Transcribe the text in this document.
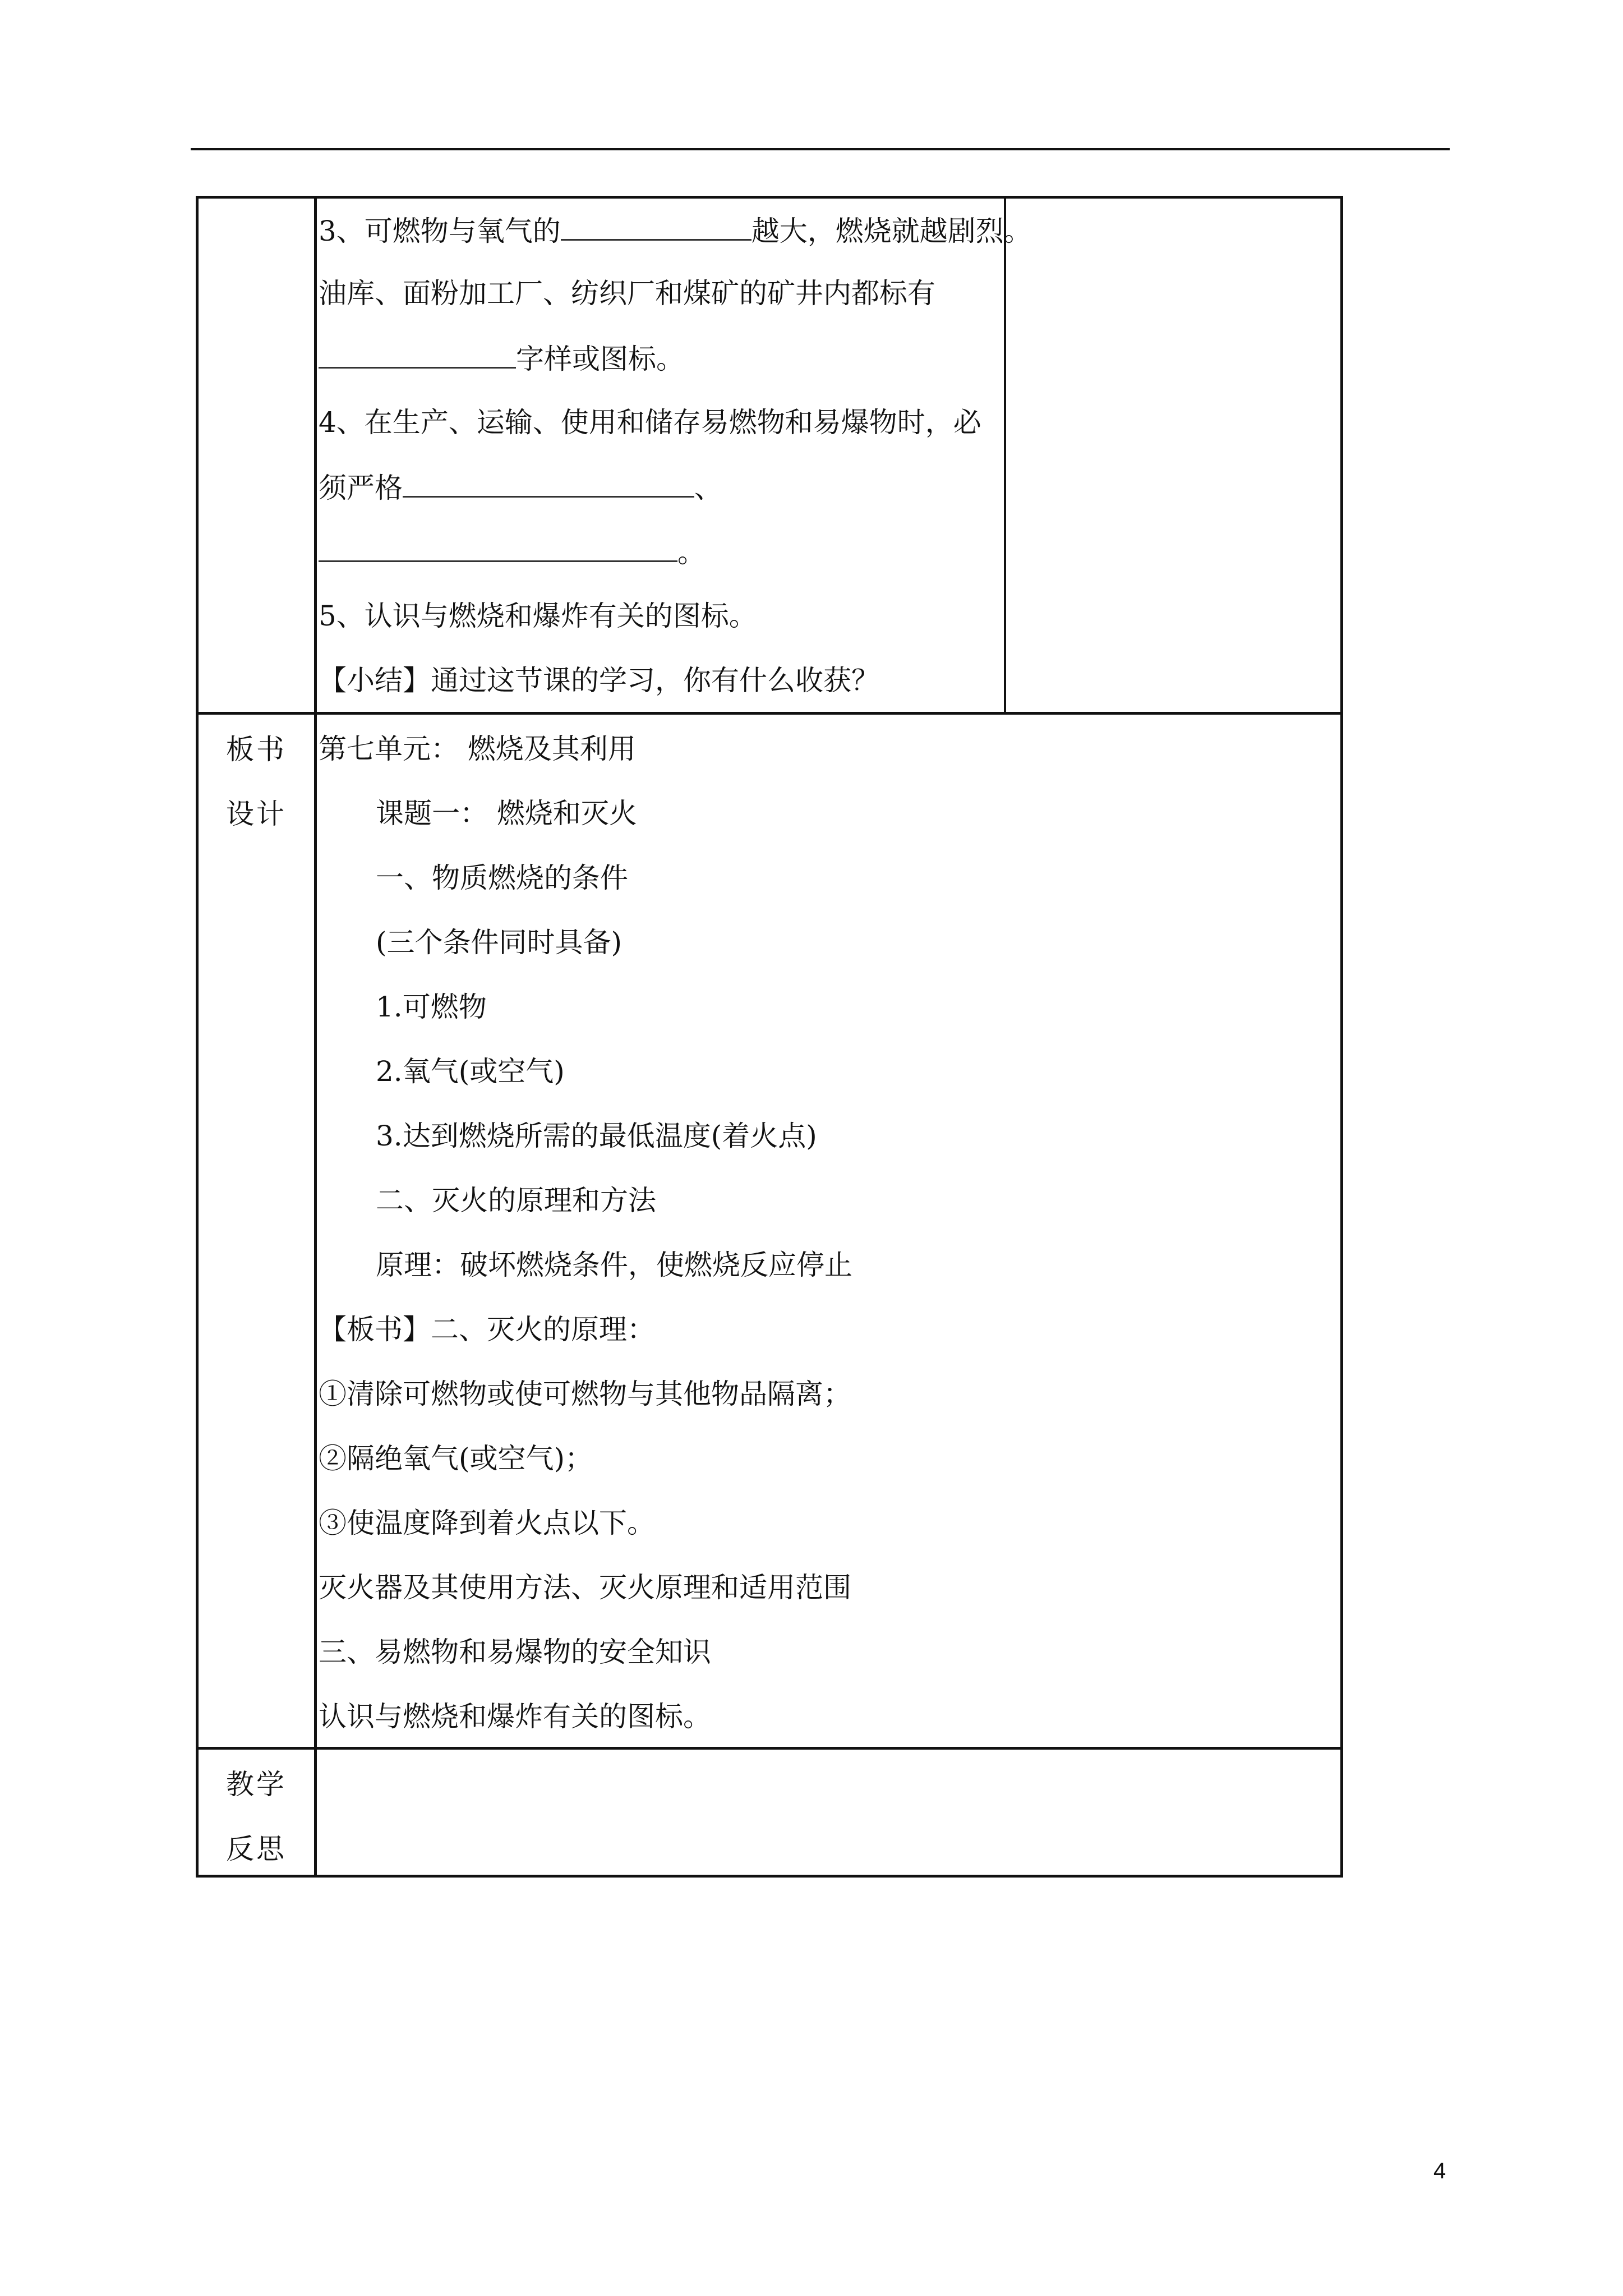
3、可燃物与氧气的	越大，燃烧就越剧烈。
油库、面粉加工厂、纺织厂和煤矿的矿井内都标有
字样或图标。
4、在生产、运输、使用和储存易燃物和易爆物时，必
须严格	、
。
5、认识与燃烧和爆炸有关的图标。
【小结】通过这节课的学习，你有什么收获？
板书
设计
第七单元： 燃烧及其利用
课题一： 燃烧和灭火
一、物质燃烧的条件
(三个条件同时具备)
1.可燃物
2.氧气(或空气)
3.达到燃烧所需的最低温度(着火点)
二、灭火的原理和方法
原理：破坏燃烧条件，使燃烧反应停止
【板书】二、灭火的原理：
①清除可燃物或使可燃物与其他物品隔离；
②隔绝氧气(或空气)；
③使温度降到着火点以下。
灭火器及其使用方法、灭火原理和适用范围
三、易燃物和易爆物的安全知识
认识与燃烧和爆炸有关的图标。
教学
反思
4
